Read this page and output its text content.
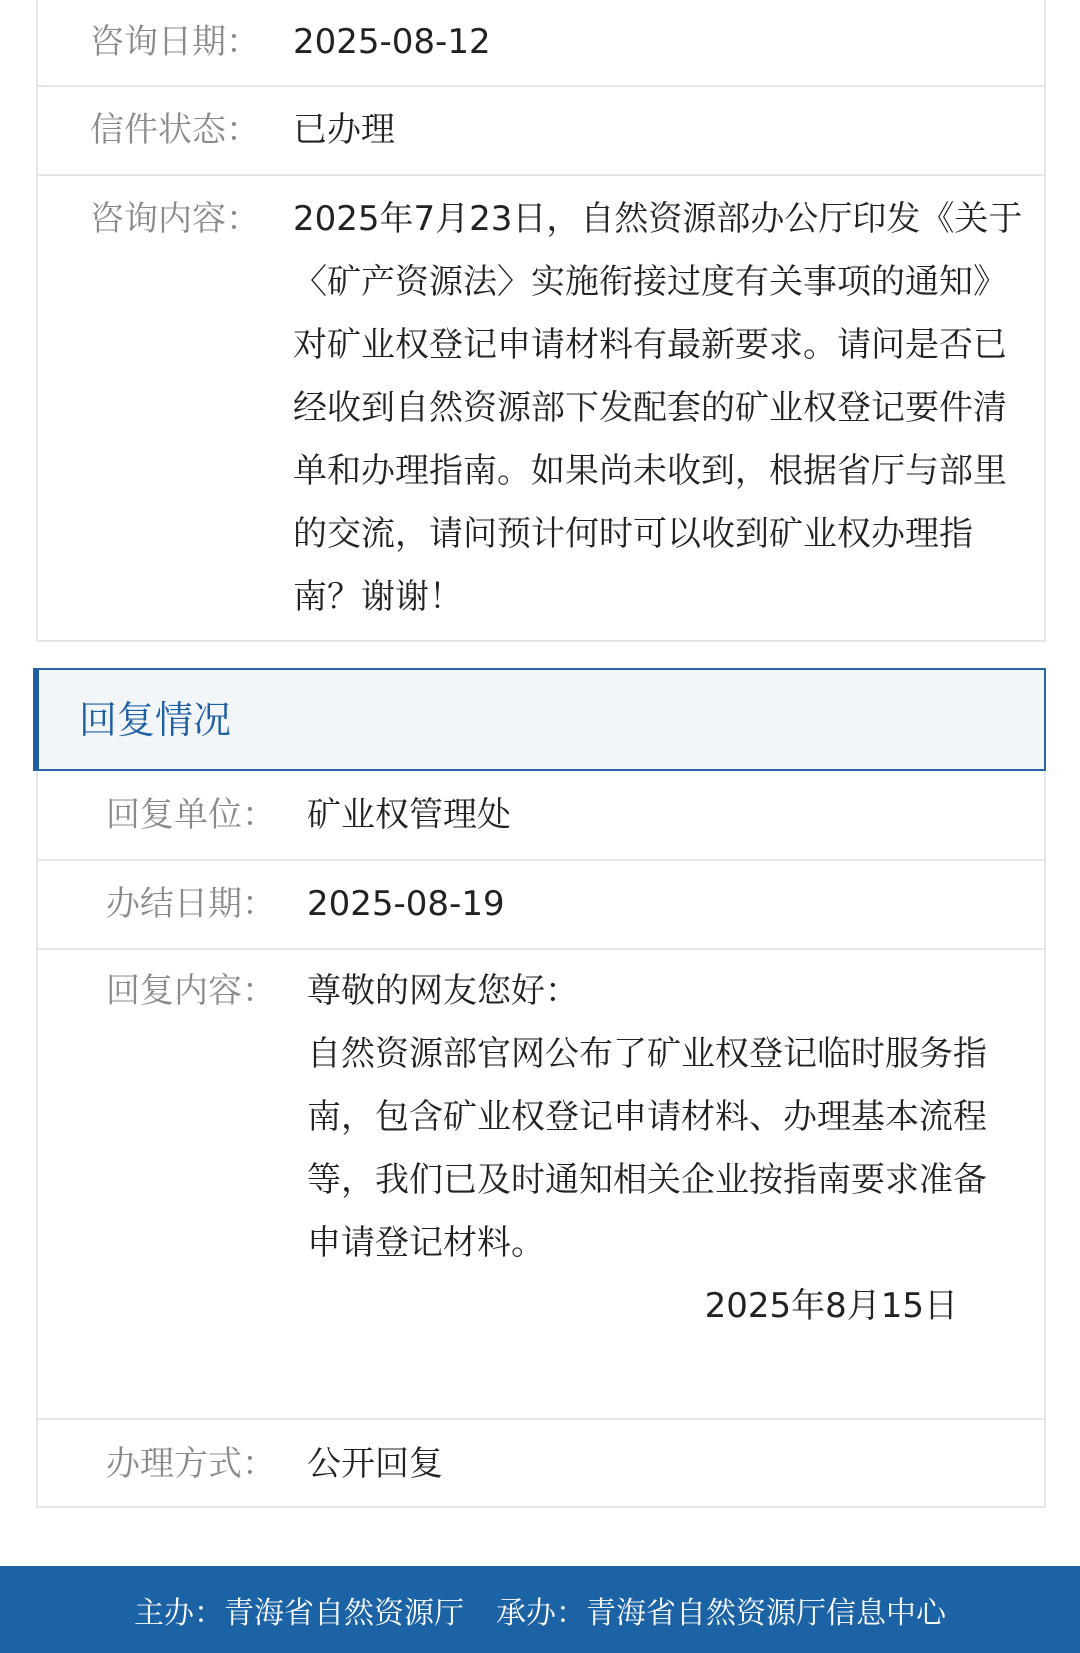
咨询日期： 2025-08-12
信件状态： 已办理
咨询内容： 2025年7月23日，自然资源部办公厅印发《关于〈矿产资源法〉实施衔接过度有关事项的通知》对矿业权登记申请材料有最新要求。请问是否已经收到自然资源部下发配套的矿业权登记要件清单和办理指南。如果尚未收到，根据省厅与部里的交流，请问预计何时可以收到矿业权办理指南？谢谢！
回复情况
回复单位： 矿业权管理处
办结日期： 2025-08-19
回复内容： 尊敬的网友您好：

自然资源部官网公布了矿业权登记临时服务指南，包含矿业权登记申请材料、办理基本流程等，我们已及时通知相关企业按指南要求准备申请登记材料。

2025年8月15日

办理方式： 公开回复
主办：青海省自然资源厅 承办：青海省自然资源厅信息中心
